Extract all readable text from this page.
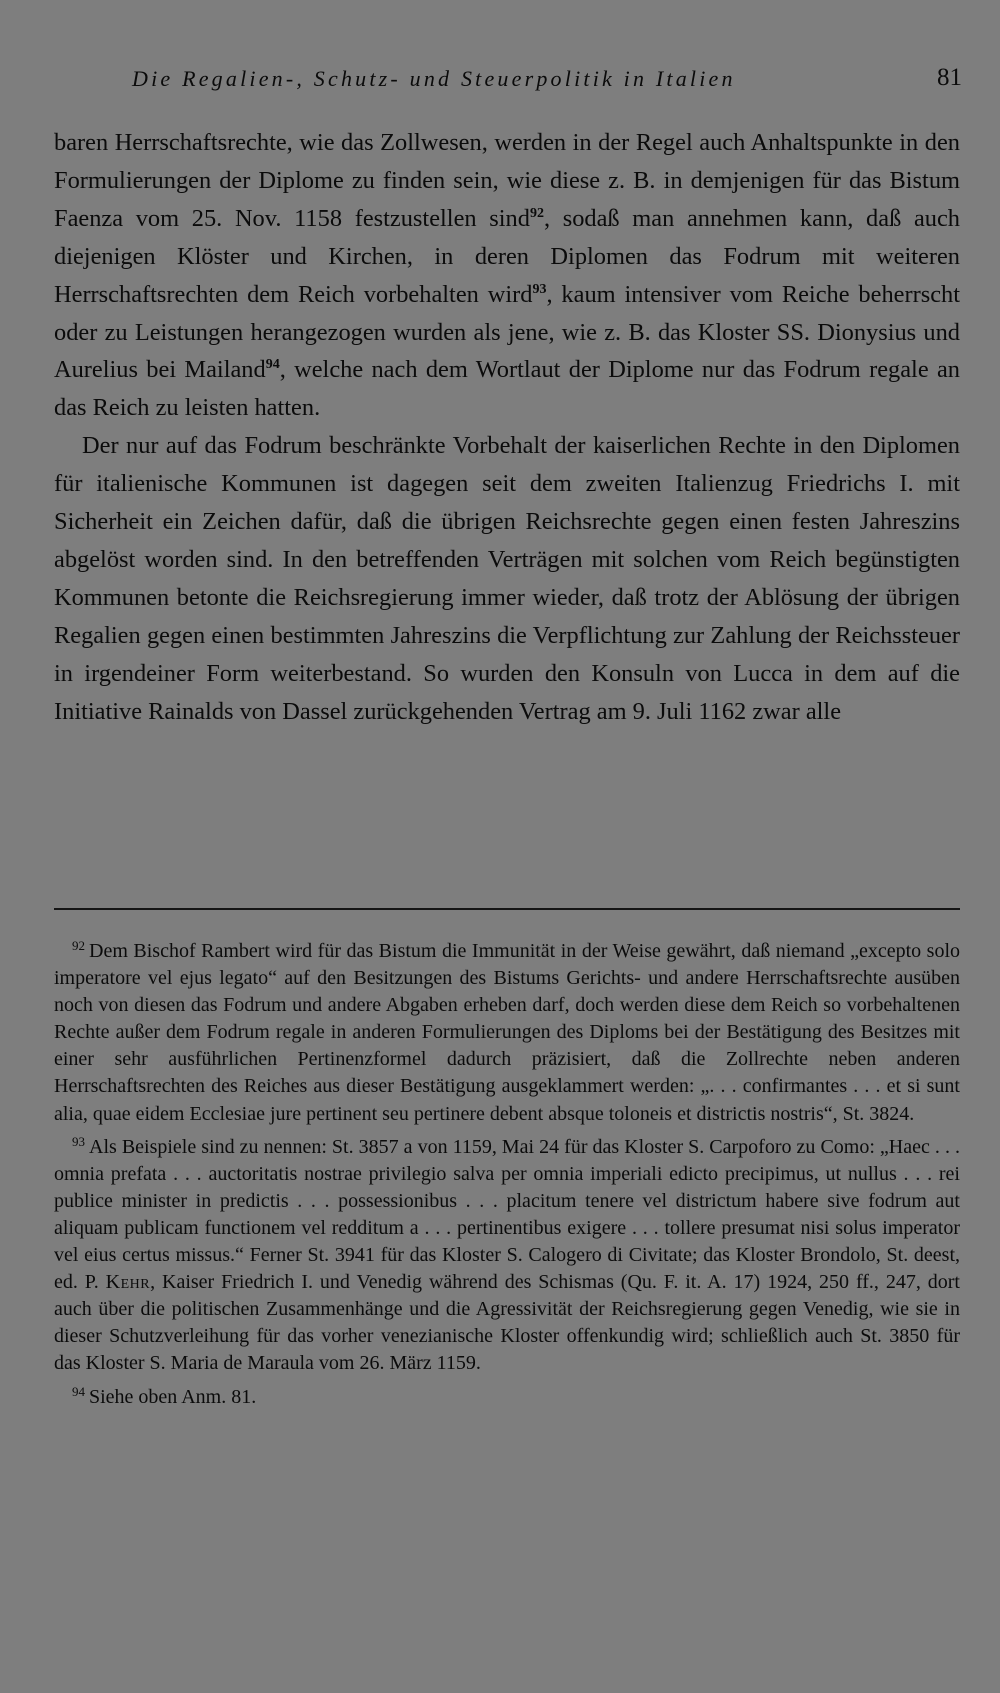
Die Regalien-, Schutz- und Steuerpolitik in Italien	81

baren Herrschaftsrechte, wie das Zollwesen, werden in der Regel auch Anhaltspunkte in den Formulierungen der Diplome zu finden sein, wie diese z. B. in demjenigen für das Bistum Faenza vom 25. Nov. 1158 festzustellen sind$^{92}$, sodaß man annehmen kann, daß auch diejenigen Klöster und Kirchen, in deren Diplomen das Fodrum mit weiteren Herrschaftsrechten dem Reich vorbehalten wird$^{93}$, kaum intensiver vom Reiche beherrscht oder zu Leistungen herangezogen wurden als jene, wie z. B. das Kloster SS. Dionysius und Aurelius bei Mailand$^{94}$, welche nach dem Wortlaut der Diplome nur das Fodrum regale an das Reich zu leisten hatten.

Der nur auf das Fodrum beschränkte Vorbehalt der kaiserlichen Rechte in den Diplomen für italienische Kommunen ist dagegen seit dem zweiten Italienzug Friedrichs I. mit Sicherheit ein Zeichen dafür, daß die übrigen Reichsrechte gegen einen festen Jahreszins abgelöst worden sind. In den betreffenden Verträgen mit solchen vom Reich begünstigten Kommunen betonte die Reichsregierung immer wieder, daß trotz der Ablösung der übrigen Regalien gegen einen bestimmten Jahreszins die Verpflichtung zur Zahlung der Reichssteuer in irgendeiner Form weiterbestand. So wurden den Konsuln von Lucca in dem auf die Initiative Rainalds von Dassel zurückgehenden Vertrag am 9. Juli 1162 zwar alle

$^{92}$ Dem Bischof Rambert wird für das Bistum die Immunität in der Weise gewährt, daß niemand „excepto solo imperatore vel ejus legato“ auf den Besitzungen des Bistums Gerichts- und andere Herrschaftsrechte ausüben noch von diesen das Fodrum und andere Abgaben erheben darf, doch werden diese dem Reich so vorbehaltenen Rechte außer dem Fodrum regale in anderen Formulierungen des Diploms bei der Bestätigung des Besitzes mit einer sehr ausführlichen Pertinenzformel dadurch präzisiert, daß die Zollrechte neben anderen Herrschaftsrechten des Reiches aus dieser Bestätigung ausgeklammert werden: „. . . confirmantes . . . et si sunt alia, quae eidem Ecclesiae jure pertinent seu pertinere debent absque toloneis et districtis nostris“, St. 3824.

$^{93}$ Als Beispiele sind zu nennen: St. 3857 a von 1159, Mai 24 für das Kloster S. Carpoforo zu Como: „Haec . . . omnia prefata . . . auctoritatis nostrae privilegio salva per omnia imperiali edicto precipimus, ut nullus . . . rei publice minister in predictis . . . possessionibus . . . placitum tenere vel districtum habere sive fodrum aut aliquam publicam functionem vel redditum a . . . pertinentibus exigere . . . tollere presumat nisi solus imperator vel eius certus missus.“ Ferner St. 3941 für das Kloster S. Calogero di Civitate; das Kloster Brondolo, St. deest, ed. P. Kehr, Kaiser Friedrich I. und Venedig während des Schismas (Qu. F. it. A. 17) 1924, 250 ff., 247, dort auch über die politischen Zusammenhänge und die Agressivität der Reichsregierung gegen Venedig, wie sie in dieser Schutzverleihung für das vorher venezianische Kloster offenkundig wird; schließlich auch St. 3850 für das Kloster S. Maria de Maraula vom 26. März 1159.

$^{94}$ Siehe oben Anm. 81.
